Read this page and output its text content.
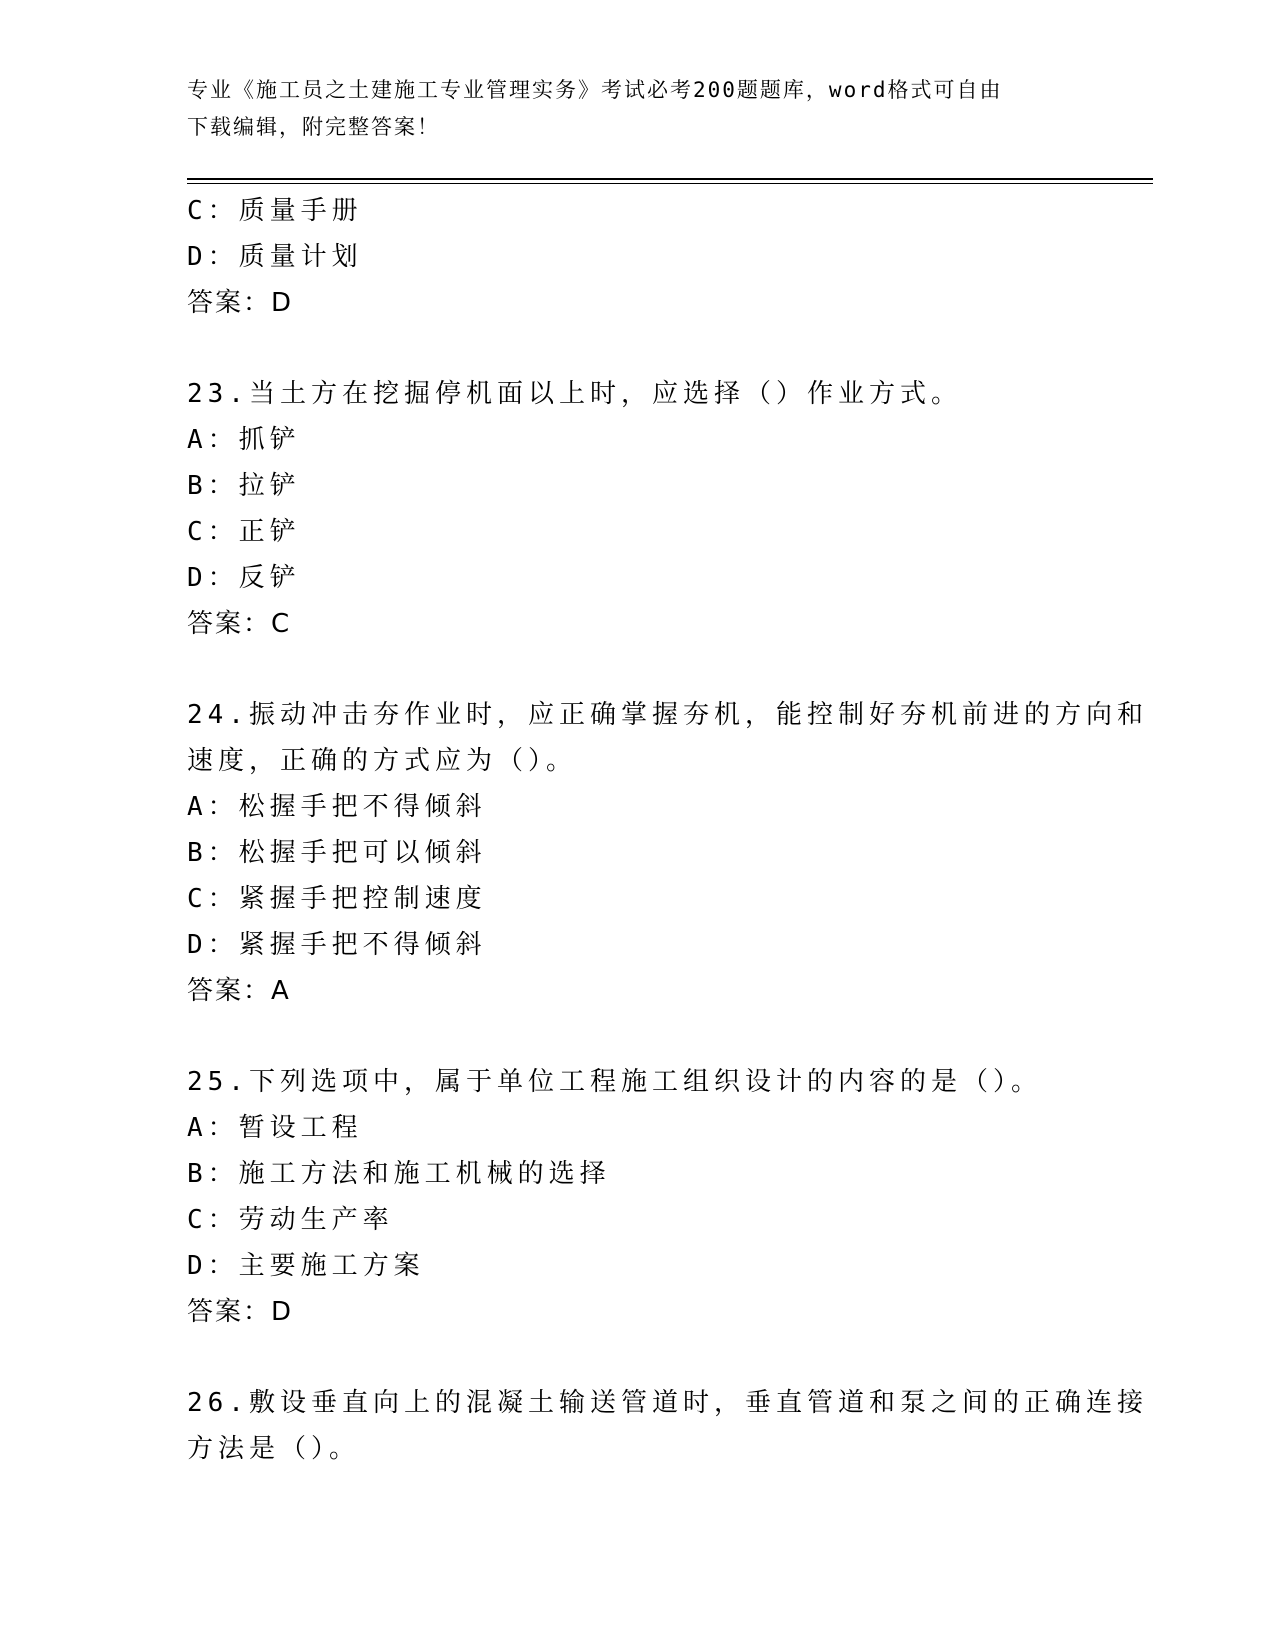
专业《施工员之土建施工专业管理实务》考试必考200题题库，word格式可自由
下载编辑，附完整答案！
C：质量手册
D：质量计划
答案：D
23.当土方在挖掘停机面以上时，应选择（）作业方式。
A：抓铲
B：拉铲
C：正铲
D：反铲
答案：C
24.振动冲击夯作业时，应正确掌握夯机，能控制好夯机前进的方向和
速度，正确的方式应为（）。
A：松握手把不得倾斜
B：松握手把可以倾斜
C：紧握手把控制速度
D：紧握手把不得倾斜
答案：A
25.下列选项中，属于单位工程施工组织设计的内容的是（）。
A：暂设工程
B：施工方法和施工机械的选择
C：劳动生产率
D：主要施工方案
答案：D
26.敷设垂直向上的混凝土输送管道时，垂直管道和泵之间的正确连接
方法是（）。
